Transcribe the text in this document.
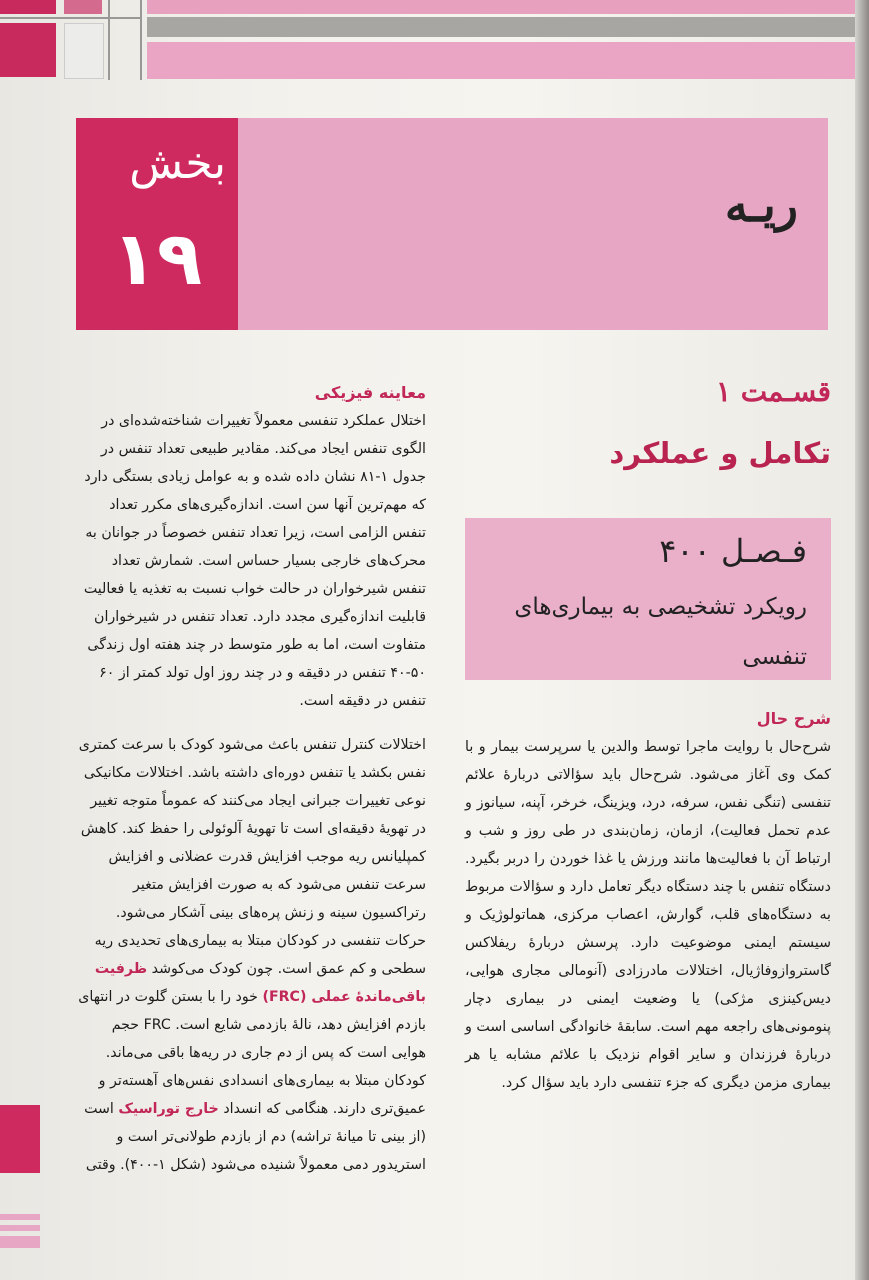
ریـه
بخش
۱۹
قسـمت ۱
تکامل و عملکرد
فـصـل ۴۰۰
رویکرد تشخیصی به بیماری‌های تنفسی
شرح حال
شرح‌حال با روایت ماجرا توسط والدین یا سرپرست بیمار و با کمک وی آغاز می‌شود. شرح‌حال باید سؤالاتی دربارهٔ علائم تنفسی (تنگی نفس، سرفه، درد، ویزینگ، خرخر، آپنه، سیانوز و عدم تحمل فعالیت)، ازمان، زمان‌بندی در طی روز و شب و ارتباط آن با فعالیت‌ها مانند ورزش یا غذا خوردن را دربر بگیرد. دستگاه تنفس با چند دستگاه دیگر تعامل دارد و سؤالات مربوط به دستگاه‌های قلب، گوارش، اعصاب مرکزی، هماتولوژیک و سیستم ایمنی موضوعیت دارد. پرسش دربارهٔ ریفلاکس گاستروازوفاژیال، اختلالات مادرزادی (آنومالی مجاری هوایی، دیس‌کینزی مژکی) یا وضعیت ایمنی در بیماری دچار پنومونی‌های راجعه مهم است. سابقهٔ خانوادگی اساسی است و دربارهٔ فرزندان و سایر اقوام نزدیک با علائم مشابه یا هر بیماری مزمن دیگری که جزء تنفسی دارد باید سؤال کرد.
معاینه فیزیکی
اختلال عملکرد تنفسی معمولاً تغییرات شناخته‌شده‌ای در الگوی تنفس ایجاد می‌کند. مقادیر طبیعی تعداد تنفس در جدول ۱-۸۱ نشان داده شده و به عوامل زیادی بستگی دارد که مهم‌ترین آنها سن است. اندازه‌گیری‌های مکرر تعداد تنفس الزامی است، زیرا تعداد تنفس خصوصاً در جوانان به محرک‌های خارجی بسیار حساس است. شمارش تعداد تنفس شیرخواران در حالت خواب نسبت به تغذیه یا فعالیت قابلیت اندازه‌گیری مجدد دارد. تعداد تنفس در شیرخواران متفاوت است، اما به طور متوسط در چند هفته اول زندگی ۵۰-۴۰ تنفس در دقیقه و در چند روز اول تولد کمتر از ۶۰ تنفس در دقیقه است.
اختلالات کنترل تنفس باعث می‌شود کودک با سرعت کمتری نفس بکشد یا تنفس دوره‌ای داشته باشد. اختلالات مکانیکی نوعی تغییرات جبرانی ایجاد می‌کنند که عموماً متوجه تغییر در تهویهٔ دقیقه‌ای است تا تهویهٔ آلوئولی را حفظ کند. کاهش کمپلیانس ریه موجب افزایش قدرت عضلانی و افزایش سرعت تنفس می‌شود که به صورت افزایش متغیر رتراکسیون سینه و زنش پره‌های بینی آشکار می‌شود. حرکات تنفسی در کودکان مبتلا به بیماری‌های تحدیدی ریه سطحی و کم عمق است. چون کودک می‌کوشد ظرفیت باقی‌ماندهٔ عملی (FRC) خود را با بستن گلوت در انتهای بازدم افزایش دهد، نالهٔ بازدمی شایع است. FRC حجم هوایی است که پس از دم جاری در ریه‌ها باقی می‌ماند. کودکان مبتلا به بیماری‌های انسدادی نفس‌های آهسته‌تر و عمیق‌تری دارند. هنگامی که انسداد خارج توراسیک است (از بینی تا میانهٔ تراشه) دم از بازدم طولانی‌تر است و استریدور دمی معمولاً شنیده می‌شود (شکل ۱-۴۰۰). وقتی
